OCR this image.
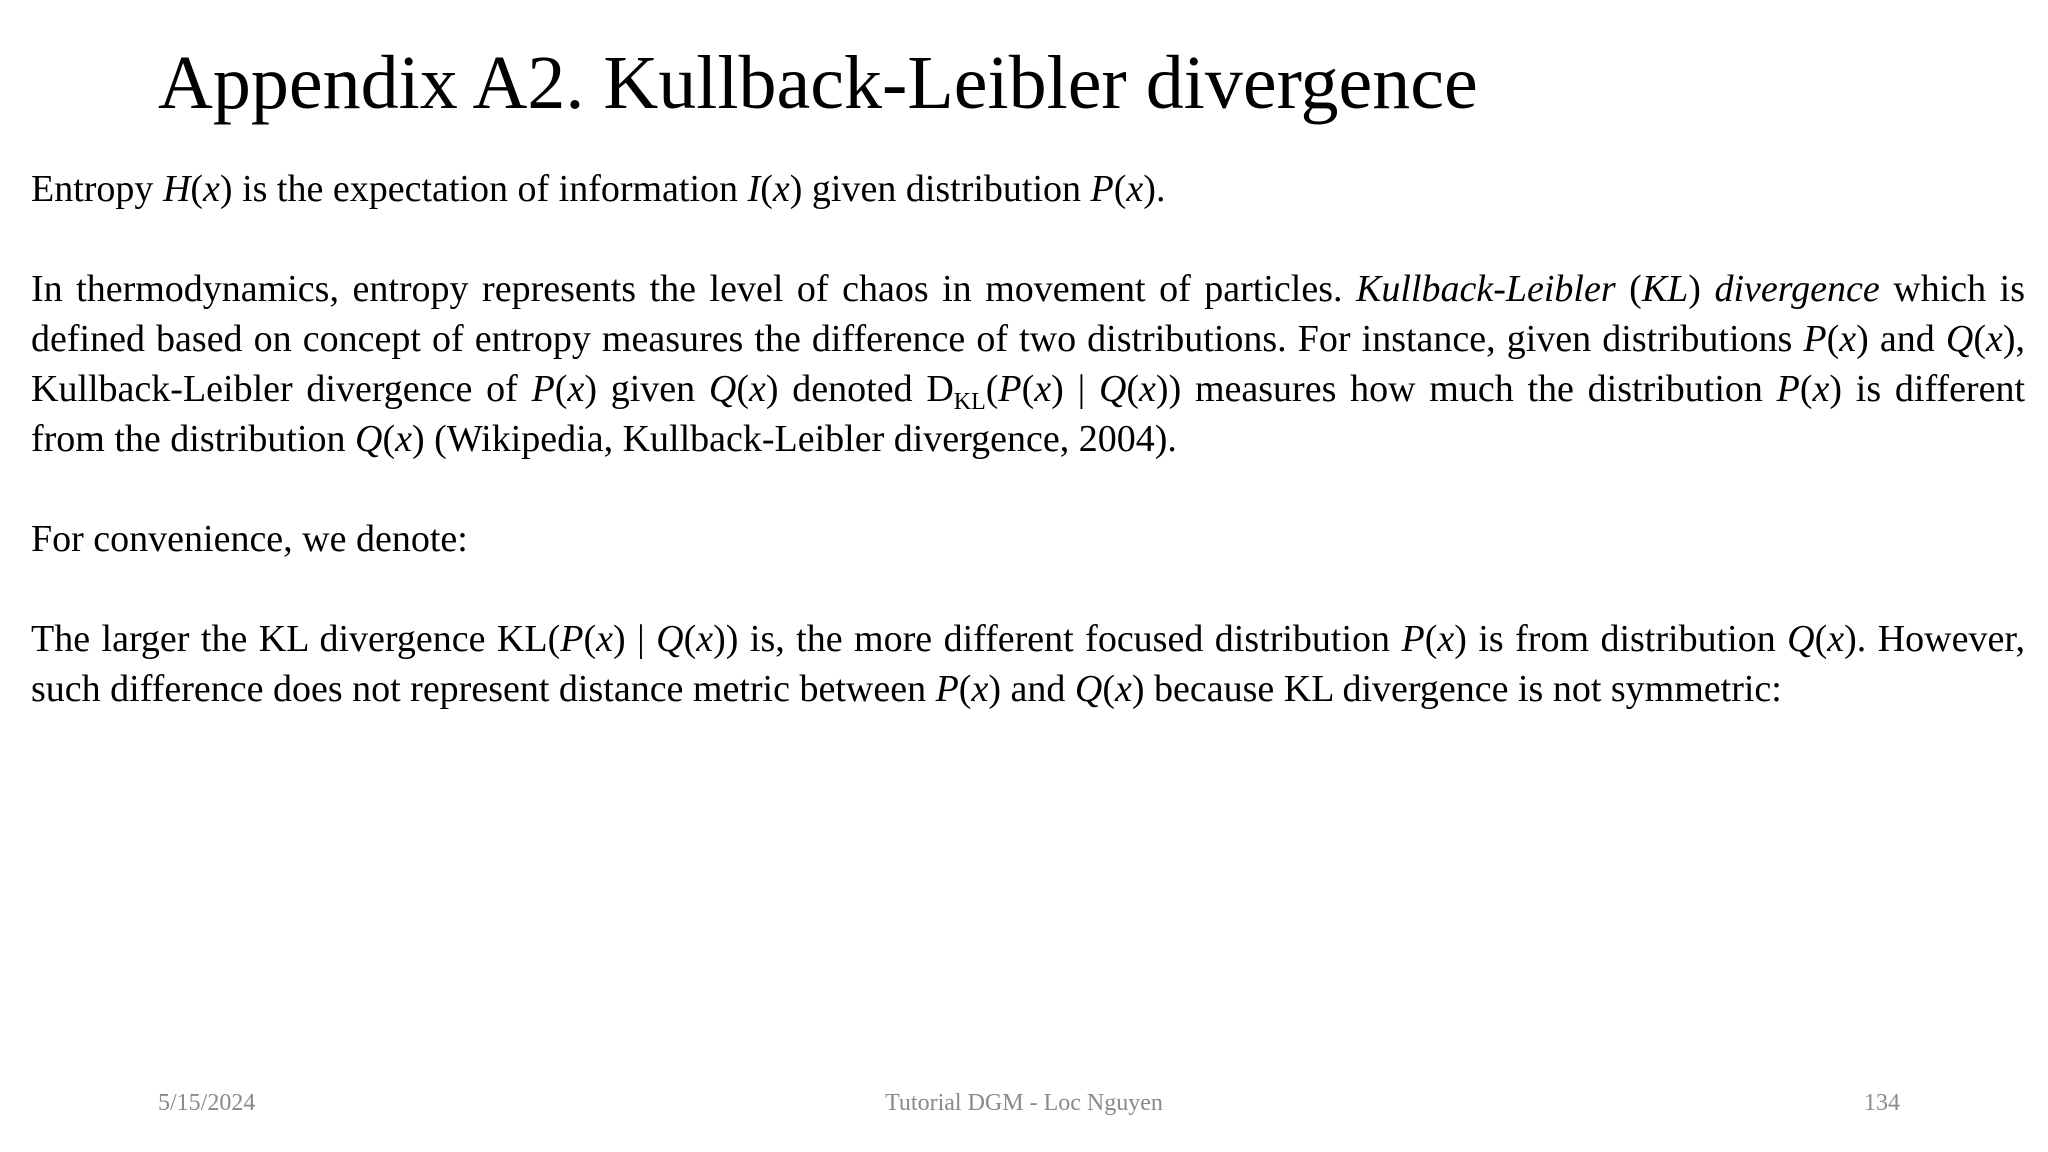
Appendix A2. Kullback-Leibler divergence

Entropy H(x) is the expectation of information I(x) given distribution P(x).

In thermodynamics, entropy represents the level of chaos in movement of particles. Kullback-Leibler (KL) divergence which is defined based on concept of entropy measures the difference of two distributions. For instance, given distributions P(x) and Q(x), Kullback-Leibler divergence of P(x) given Q(x) denoted $D_{KL}(P(x)$ | Q(x)) measures how much the distribution P(x) is different from the distribution Q(x) (Wikipedia, Kullback-Leibler divergence, 2004).

For convenience, we denote:

The larger the KL divergence KL(P(x) | Q(x)) is, the more different focused distribution P(x) is from distribution Q(x). However, such difference does not represent distance metric between P(x) and Q(x) because KL divergence is not symmetric:

5/15/2024	Tutorial DGM - Loc Nguyen	134
